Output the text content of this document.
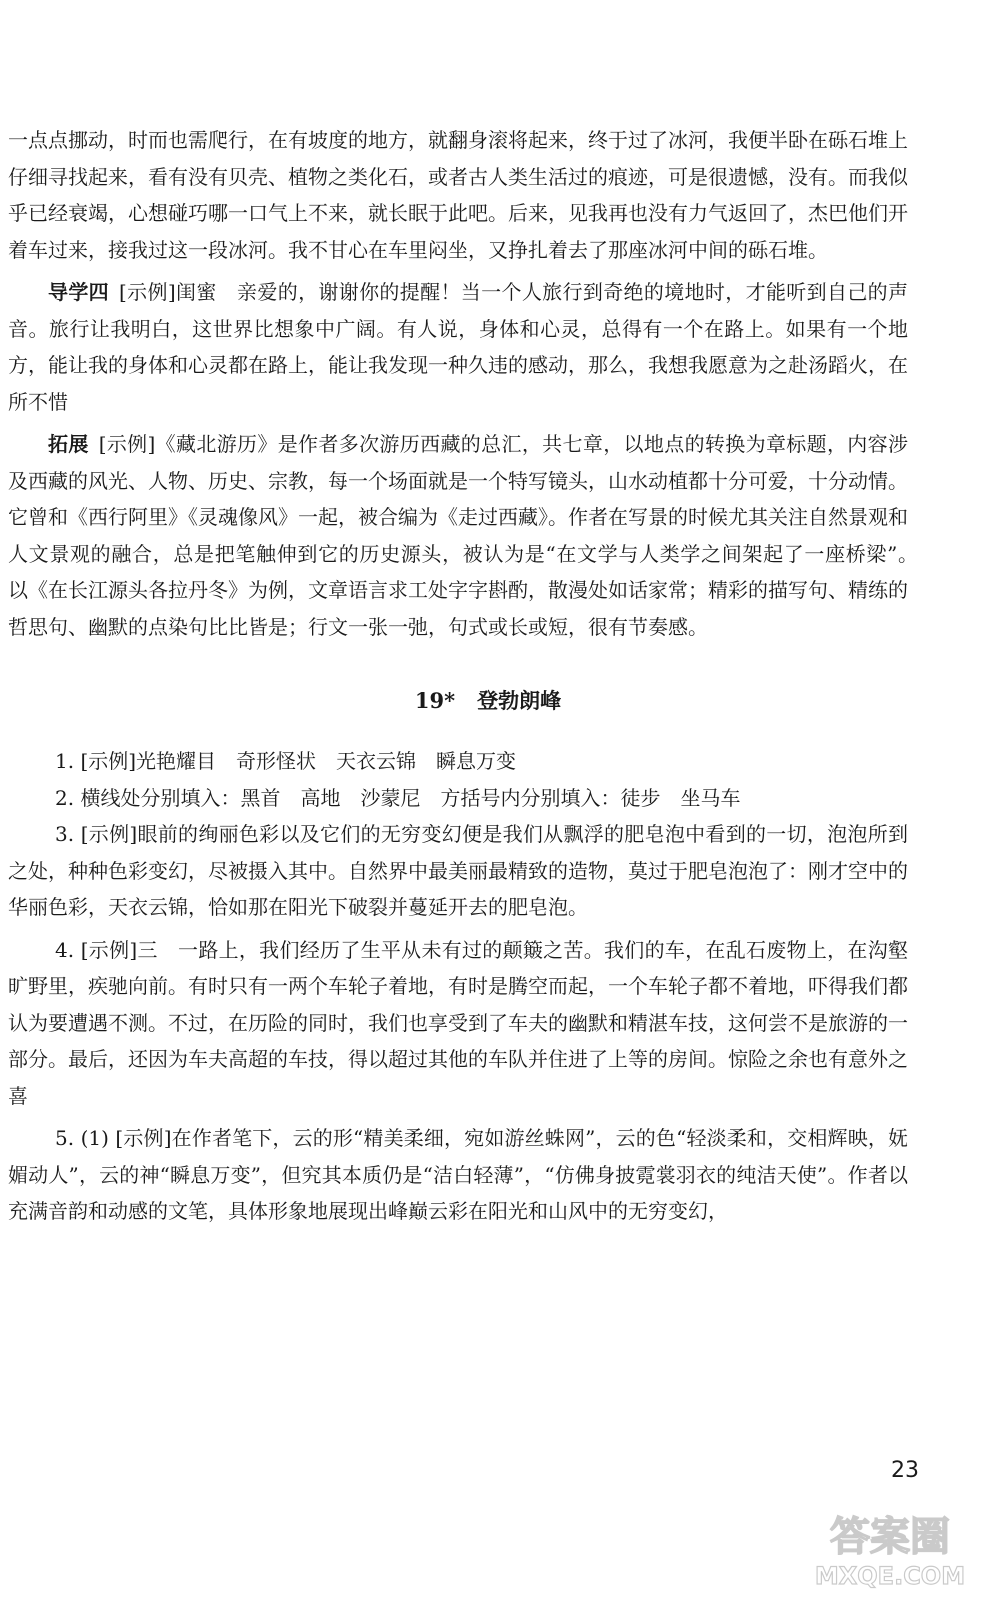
一点点挪动，时而也需爬行，在有坡度的地方，就翻身滚将起来，终于过了冰河，我便半卧在砾石堆上仔细寻找起来，看有没有贝壳、植物之类化石，或者古人类生活过的痕迹，可是很遗憾，没有。而我似乎已经衰竭，心想碰巧哪一口气上不来，就长眠于此吧。后来，见我再也没有力气返回了，杰巴他们开着车过来，接我过这一段冰河。我不甘心在车里闷坐，又挣扎着去了那座冰河中间的砾石堆。

导学四 [示例]闺蜜　亲爱的，谢谢你的提醒！当一个人旅行到奇绝的境地时，才能听到自己的声音。旅行让我明白，这世界比想象中广阔。有人说，身体和心灵，总得有一个在路上。如果有一个地方，能让我的身体和心灵都在路上，能让我发现一种久违的感动，那么，我想我愿意为之赴汤蹈火，在所不惜

拓展 [示例]《藏北游历》是作者多次游历西藏的总汇，共七章，以地点的转换为章标题，内容涉及西藏的风光、人物、历史、宗教，每一个场面就是一个特写镜头，山水动植都十分可爱，十分动情。它曾和《西行阿里》《灵魂像风》一起，被合编为《走过西藏》。作者在写景的时候尤其关注自然景观和人文景观的融合，总是把笔触伸到它的历史源头，被认为是“在文学与人类学之间架起了一座桥梁”。　以《在长江源头各拉丹冬》为例，文章语言求工处字字斟酌，散漫处如话家常；精彩的描写句、精练的哲思句、幽默的点染句比比皆是；行文一张一弛，句式或长或短，很有节奏感。

19* 登勃朗峰

1. [示例]光艳耀目　奇形怪状　天衣云锦　瞬息万变

2. 横线处分别填入：黑首　高地　沙蒙尼　方括号内分别填入：徒步　坐马车

3. [示例]眼前的绚丽色彩以及它们的无穷变幻便是我们从飘浮的肥皂泡中看到的一切，泡泡所到之处，种种色彩变幻，尽被摄入其中。自然界中最美丽最精致的造物，莫过于肥皂泡泡了：刚才空中的华丽色彩，天衣云锦，恰如那在阳光下破裂并蔓延开去的肥皂泡。

4. [示例]三　一路上，我们经历了生平从未有过的颠簸之苦。我们的车，在乱石废物上，在沟壑旷野里，疾驰向前。有时只有一两个车轮子着地，有时是腾空而起，一个车轮子都不着地，吓得我们都认为要遭遇不测。不过，在历险的同时，我们也享受到了车夫的幽默和精湛车技，这何尝不是旅游的一部分。最后，还因为车夫高超的车技，得以超过其他的车队并住进了上等的房间。惊险之余也有意外之喜

5. (1) [示例]在作者笔下，云的形“精美柔细，宛如游丝蛛网”，云的色“轻淡柔和，交相辉映，妩媚动人”，云的神“瞬息万变”，但究其本质仍是“洁白轻薄”，“仿佛身披霓裳羽衣的纯洁天使”。作者以充满音韵和动感的文笔，具体形象地展现出峰巅云彩在阳光和山风中的无穷变幻，

23
答案圈
MXQE.COM
